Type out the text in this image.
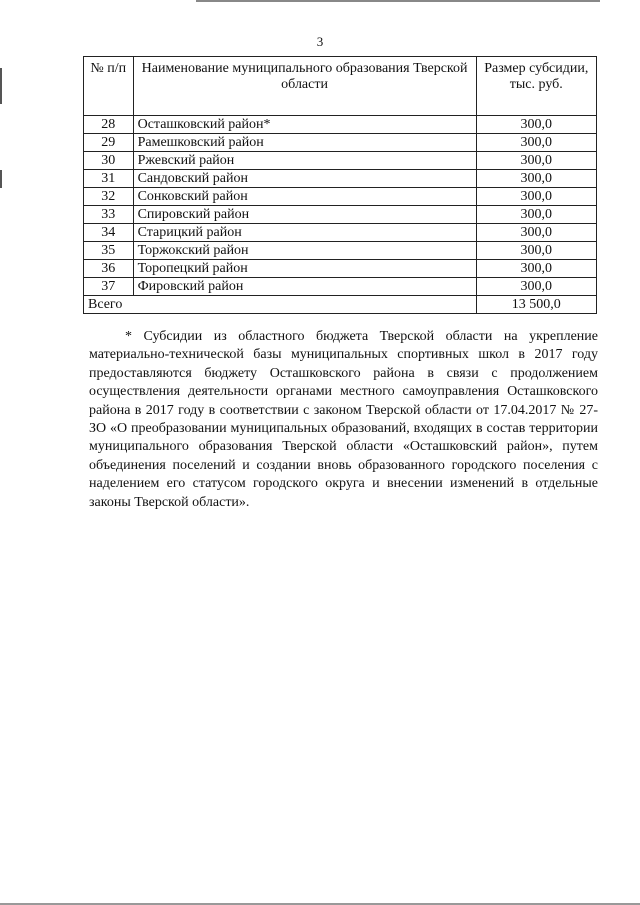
3
№ п/п	Наименование муниципального образования Тверской области	Размер субсидии, тыс. руб.
28	Осташковский район*	300,0
29	Рамешковский район	300,0
30	Ржевский район	300,0
31	Сандовский район	300,0
32	Сонковский район	300,0
33	Спировский район	300,0
34	Старицкий район	300,0
35	Торжокский район	300,0
36	Торопецкий район	300,0
37	Фировский район	300,0
Всего		13 500,0
* Субсидии из областного бюджета Тверской области на укрепление материально-технической базы муниципальных спортивных школ в 2017 году предоставляются бюджету Осташковского района в связи с продолжением осуществления деятельности органами местного самоуправления Осташковского района в 2017 году в соответствии с законом Тверской области от 17.04.2017 № 27-ЗО «О преобразовании муниципальных образований, входящих в состав территории муниципального образования Тверской области «Осташковский район», путем объединения поселений и создании вновь образованного городского поселения с наделением его статусом городского округа и внесении изменений в отдельные законы Тверской области».
